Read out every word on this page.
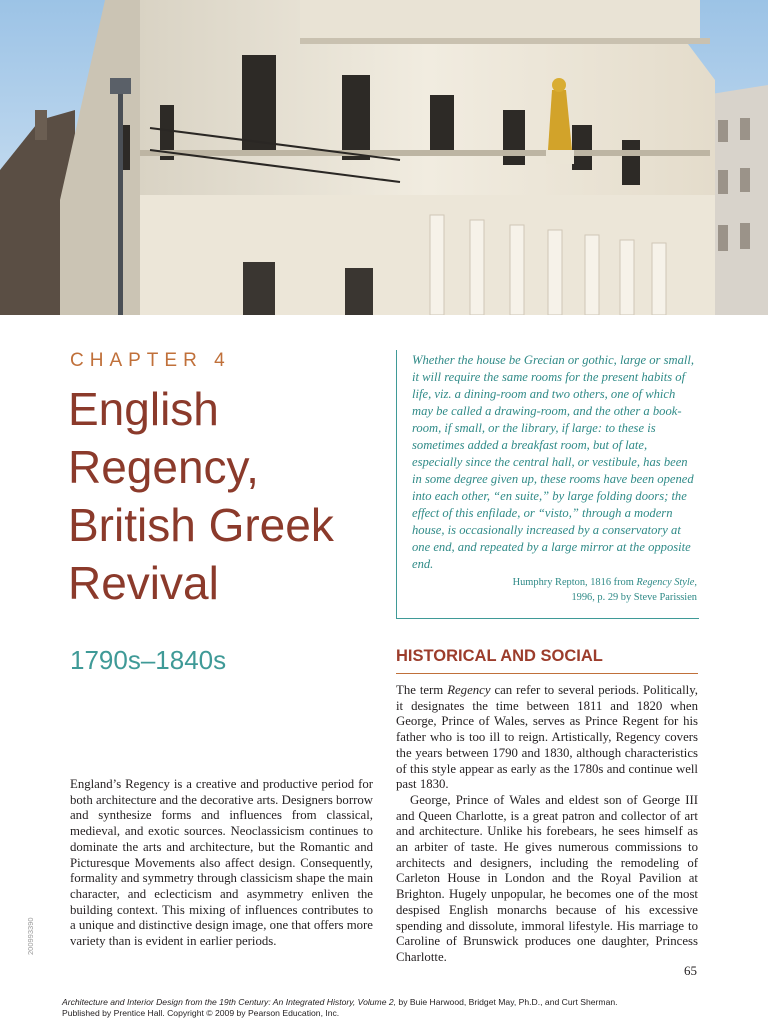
CHAPTER 4
English
Regency,
British Greek
Revival
1790s–1840s
Whether the house be Grecian or gothic, large or small, it will require the same rooms for the present habits of life, viz. a dining-room and two others, one of which may be called a drawing-room, and the other a book-room, if small, or the library, if large: to these is sometimes added a breakfast room, but of late, especially since the central hall, or vestibule, has been in some degree given up, these rooms have been opened into each other, “en suite,” by large folding doors; the effect of this enfilade, or “visto,” through a modern house, is occasionally increased by a conservatory at one end, and repeated by a large mirror at the opposite end.
Humphry Repton, 1816 from Regency Style,
1996, p. 29 by Steve Parissien
HISTORICAL AND SOCIAL

England’s Regency is a creative and productive period for both architecture and the decorative arts. Designers borrow and synthesize forms and influences from classical, medieval, and exotic sources. Neoclassicism continues to dominate the arts and architecture, but the Romantic and Picturesque Movements also affect design. Consequently, formality and symmetry through classicism shape the main character, and eclecticism and asymmetry enliven the building context. This mixing of influences contributes to a unique and distinctive design image, one that offers more variety than is evident in earlier periods.

The term Regency can refer to several periods. Politically, it designates the time between 1811 and 1820 when George, Prince of Wales, serves as Prince Regent for his father who is too ill to reign. Artistically, Regency covers the years between 1790 and 1830, although characteristics of this style appear as early as the 1780s and continue well past 1830.

George, Prince of Wales and eldest son of George III and Queen Charlotte, is a great patron and collector of art and architecture. Unlike his forebears, he sees himself as an arbiter of taste. He gives numerous commissions to architects and designers, including the remodeling of Carleton House in London and the Royal Pavilion at Brighton. Hugely unpopular, he becomes one of the most despised English monarchs because of his excessive spending and dissolute, immoral lifestyle. His marriage to Caroline of Brunswick produces one daughter, Princess Charlotte.

200993390
65
Architecture and Interior Design from the 19th Century: An Integrated History, Volume 2, by Buie Harwood, Bridget May, Ph.D., and Curt Sherman.
Published by Prentice Hall. Copyright © 2009 by Pearson Education, Inc.
